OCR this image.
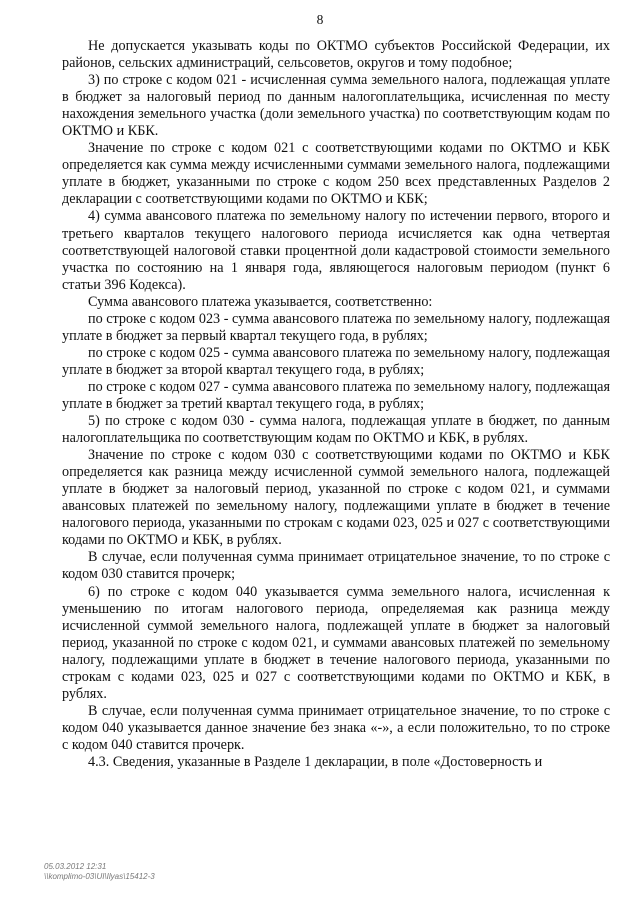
8

Не допускается указывать коды по ОКТМО субъектов Российской Федерации, их районов, сельских администраций, сельсоветов, округов и тому подобное;

3) по строке с кодом 021 - исчисленная сумма земельного налога, подлежащая уплате в бюджет за налоговый период по данным налогоплательщика, исчисленная по месту нахождения земельного участка (доли земельного участка) по соответствующим кодам по ОКТМО и КБК.

Значение по строке с кодом 021 с соответствующими кодами по ОКТМО и КБК определяется как сумма между исчисленными суммами земельного налога, подлежащими уплате в бюджет, указанными по строке с кодом 250 всех представленных Разделов 2 декларации с соответствующими кодами по ОКТМО и КБК;

4) сумма авансового платежа по земельному налогу по истечении первого, второго и третьего кварталов текущего налогового периода исчисляется как одна четвертая соответствующей налоговой ставки процентной доли кадастровой стоимости земельного участка по состоянию на 1 января года, являющегося налоговым периодом (пункт 6 статьи 396 Кодекса).

Сумма авансового платежа указывается, соответственно:

по строке с кодом 023 - сумма авансового платежа по земельному налогу, подлежащая уплате в бюджет за первый квартал текущего года, в рублях;

по строке с кодом 025 - сумма авансового платежа по земельному налогу, подлежащая уплате в бюджет за второй квартал текущего года, в рублях;

по строке с кодом 027 - сумма авансового платежа по земельному налогу, подлежащая уплате в бюджет за третий квартал текущего года, в рублях;

5) по строке с кодом 030 - сумма налога, подлежащая уплате в бюджет, по данным налогоплательщика по соответствующим кодам по ОКТМО и КБК, в рублях.

Значение по строке с кодом 030 с соответствующими кодами по ОКТМО и КБК определяется как разница между исчисленной суммой земельного налога, подлежащей уплате в бюджет за налоговый период, указанной по строке с кодом 021, и суммами авансовых платежей по земельному налогу, подлежащими уплате в бюджет в течение налогового периода, указанными по строкам с кодами 023, 025 и 027 с соответствующими кодами по ОКТМО и КБК, в рублях.

В случае, если полученная сумма принимает отрицательное значение, то по строке с кодом 030 ставится прочерк;

6) по строке с кодом 040 указывается сумма земельного налога, исчисленная к уменьшению по итогам налогового периода, определяемая как разница между исчисленной суммой земельного налога, подлежащей уплате в бюджет за налоговый период, указанной по строке с кодом 021, и суммами авансовых платежей по земельному налогу, подлежащими уплате в бюджет в течение налогового периода, указанными по строкам с кодами 023, 025 и 027 с соответствующими кодами по ОКТМО и КБК, в рублях.

В случае, если полученная сумма принимает отрицательное значение, то по строке с кодом 040 указывается данное значение без знака «-», а если положительно, то по строке с кодом 040 ставится прочерк.

4.3. Сведения, указанные в Разделе 1 декларации, в поле «Достоверность и

05.03.2012 12:31
\\komplimo-03\UI\Ilyas\15412-3
